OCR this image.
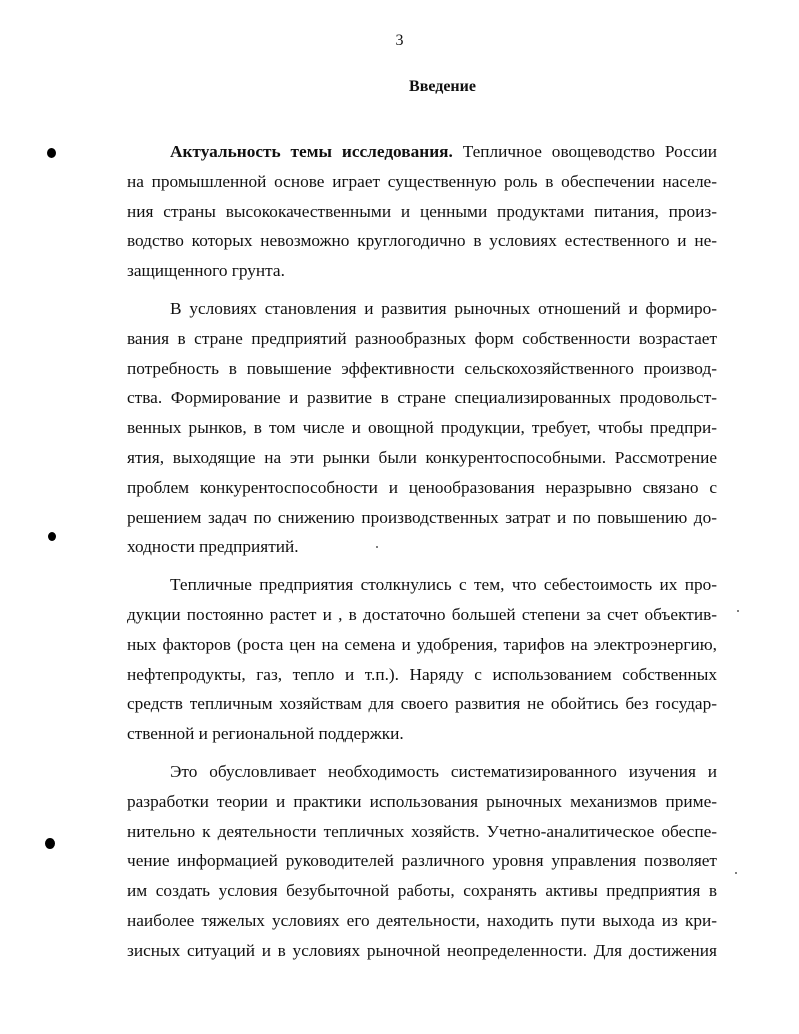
3
Введение
Актуальность темы исследования. Тепличное овощеводство России
на промышленной основе играет существенную роль в обеспечении населе-
ния страны высококачественными и ценными продуктами питания, произ-
водство которых невозможно круглогодично в условиях естественного и не-
защищенного грунта.
В условиях становления и развития рыночных отношений и формиро-
вания в стране предприятий разнообразных форм собственности возрастает
потребность в повышение эффективности сельскохозяйственного производ-
ства. Формирование и развитие в стране специализированных продовольст-
венных рынков, в том числе и овощной продукции, требует, чтобы предпри-
ятия, выходящие на эти рынки были конкурентоспособными. Рассмотрение
проблем конкурентоспособности и ценообразования неразрывно связано с
решением задач по снижению производственных затрат и по повышению до-
ходности предприятий.
Тепличные предприятия столкнулись с тем, что себестоимость их про-
дукции постоянно растет и , в достаточно большей степени за счет объектив-
ных факторов (роста цен на семена и удобрения, тарифов на электроэнергию,
нефтепродукты, газ, тепло и т.п.). Наряду с использованием собственных
средств тепличным хозяйствам для своего развития не обойтись без государ-
ственной и региональной поддержки.
Это обусловливает необходимость систематизированного изучения и
разработки теории и практики использования рыночных механизмов приме-
нительно к деятельности тепличных хозяйств. Учетно-аналитическое обеспе-
чение информацией руководителей различного уровня управления позволяет
им создать условия безубыточной работы, сохранять активы предприятия в
наиболее тяжелых условиях его деятельности, находить пути выхода из кри-
зисных ситуаций и в условиях рыночной неопределенности. Для достижения
